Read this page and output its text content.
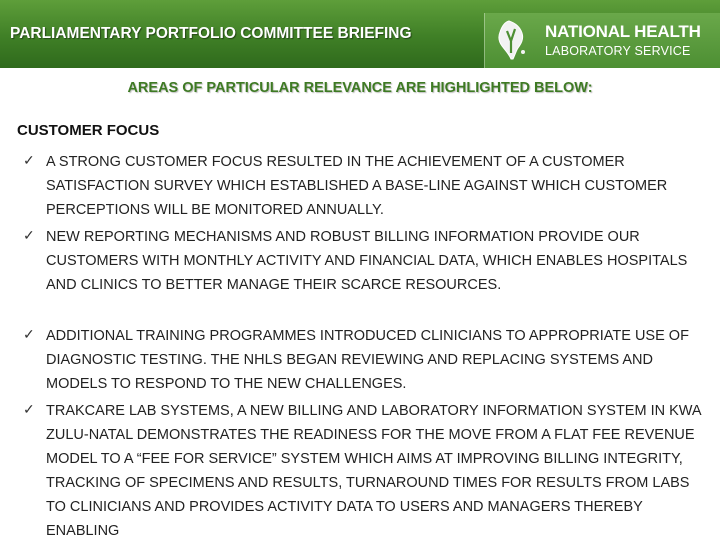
PARLIAMENTARY PORTFOLIO COMMITTEE BRIEFING	NATIONAL HEALTH
LABORATORY SERVICE
AREAS OF PARTICULAR RELEVANCE ARE HIGHLIGHTED BELOW:
CUSTOMER FOCUS
✓ A STRONG CUSTOMER FOCUS RESULTED IN THE ACHIEVEMENT OF A CUSTOMER SATISFACTION SURVEY WHICH ESTABLISHED A BASE-LINE AGAINST WHICH CUSTOMER PERCEPTIONS WILL BE MONITORED ANNUALLY.
✓ NEW REPORTING MECHANISMS AND ROBUST BILLING INFORMATION PROVIDE OUR CUSTOMERS WITH MONTHLY ACTIVITY AND FINANCIAL DATA, WHICH ENABLES HOSPITALS AND CLINICS TO BETTER MANAGE THEIR SCARCE RESOURCES.
✓ ADDITIONAL TRAINING PROGRAMMES INTRODUCED CLINICIANS TO APPROPRIATE USE OF DIAGNOSTIC TESTING. THE NHLS BEGAN REVIEWING AND REPLACING SYSTEMS AND MODELS TO RESPOND TO THE NEW CHALLENGES.
✓ TRAKCARE LAB SYSTEMS, A NEW BILLING AND LABORATORY INFORMATION SYSTEM IN KWA ZULU-NATAL DEMONSTRATES THE READINESS FOR THE MOVE FROM A FLAT FEE REVENUE MODEL TO A “FEE FOR SERVICE” SYSTEM WHICH AIMS AT IMPROVING BILLING INTEGRITY, TRACKING OF SPECIMENS AND RESULTS, TURNAROUND TIMES FOR RESULTS FROM LABS TO CLINICIANS AND PROVIDES ACTIVITY DATA TO USERS AND MANAGERS THEREBY ENABLING
